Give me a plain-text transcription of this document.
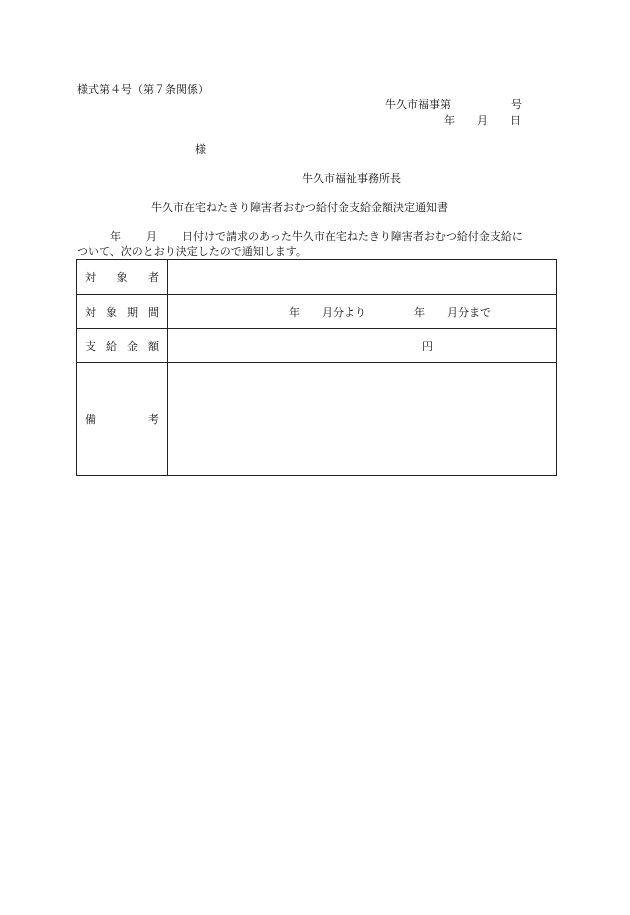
様式第４号（第７条関係）
牛久市福事第	号
年 月 日
様
牛久市福祉事務所長
牛久市在宅ねたきり障害者おむつ給付金支給金額決定通知書
年 月 日付けで請求のあった牛久市在宅ねたきり障害者おむつ給付金支給に
ついて、次のとおり決定したので通知します。
対 象 者	

対 象 期 間	年 月分より 年 月分まで

支 給 金 額	円

備 考	
